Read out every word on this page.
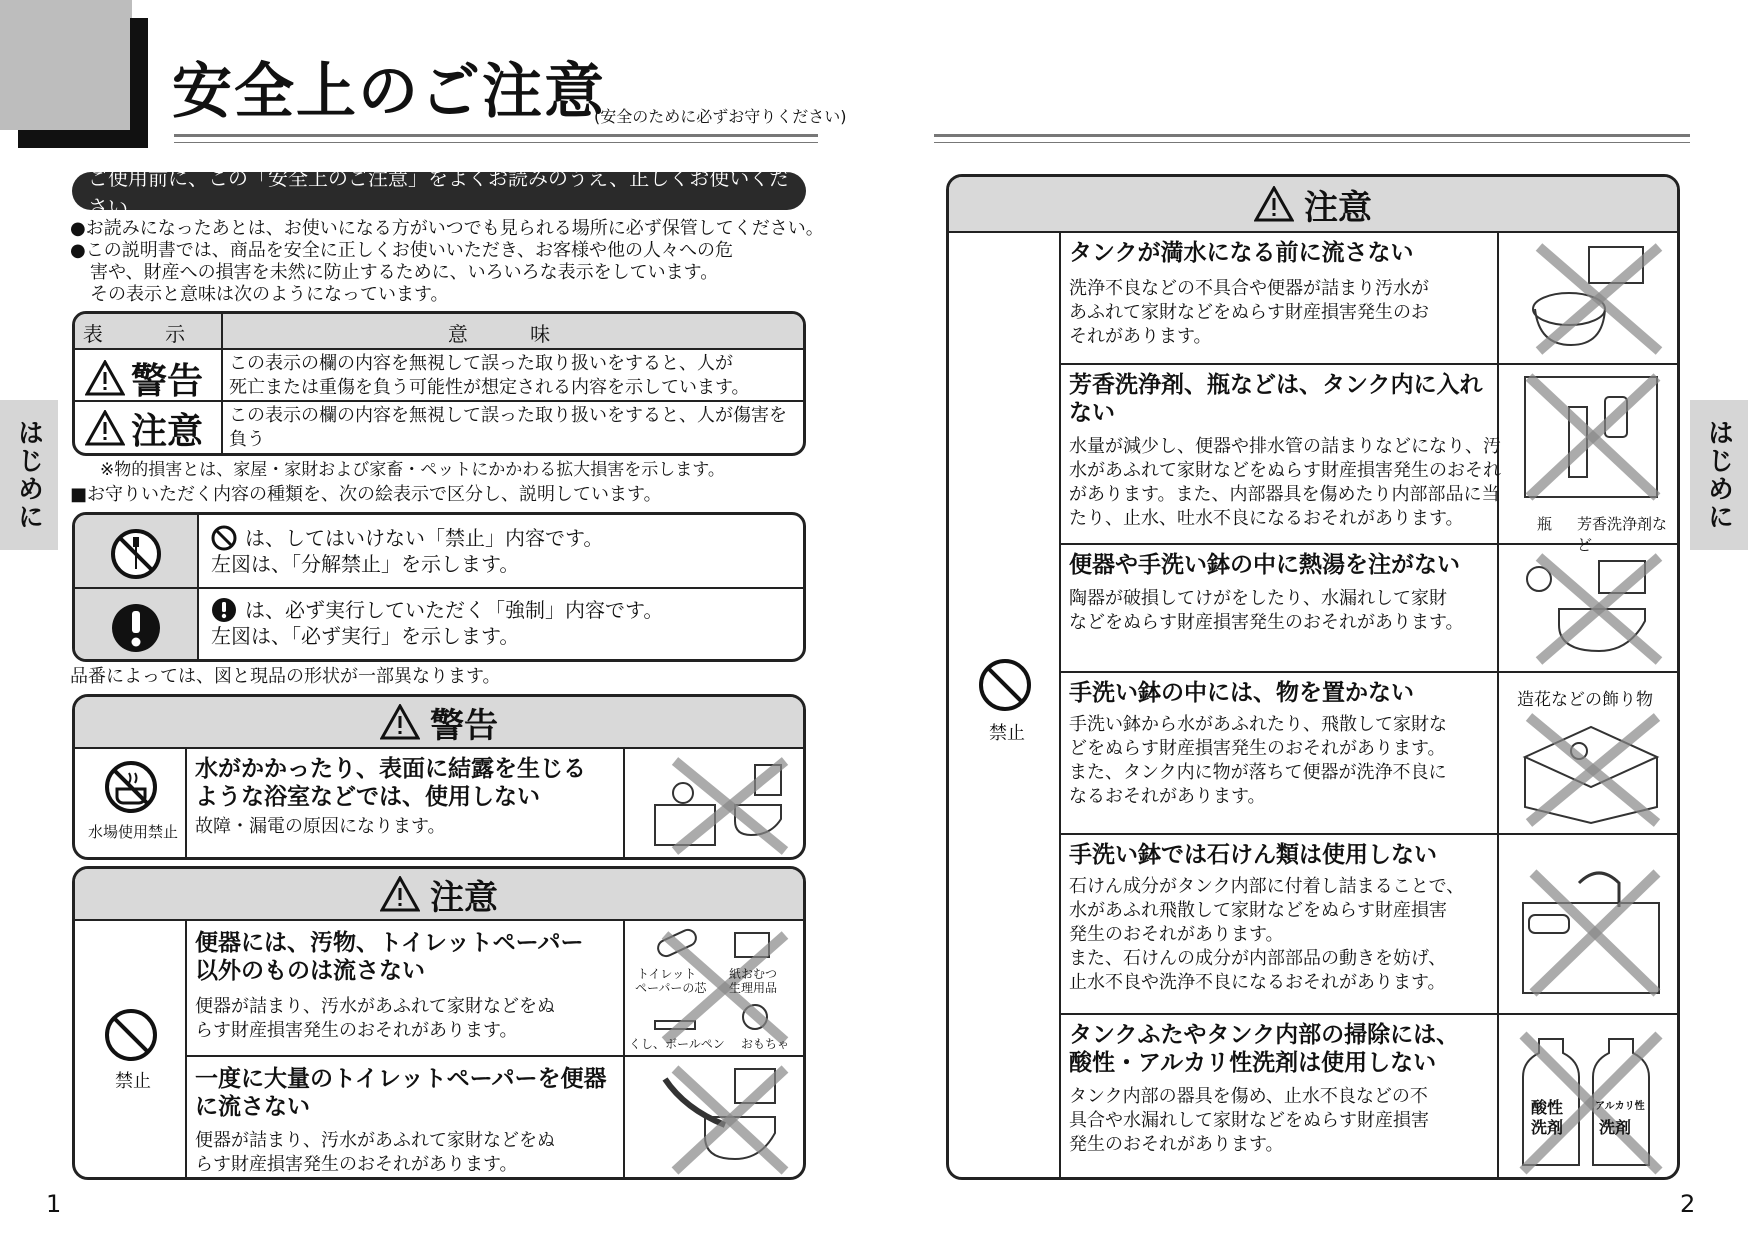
安全上のご注意
(安全のために必ずお守りください)
はじめに	はじめに
ご使用前に、この「安全上のご注意」をよくお読みのうえ、正しくお使いください。
●お読みになったあとは、お使いになる方がいつでも見られる場所に必ず保管してください。
●この説明書では、商品を安全に正しくお使いいただき、お客様や他の人々への危
害や、財産への損害を未然に防止するために、いろいろな表示をしています。
その表示と意味は次のようになっています。
表 示	意 味
警告 この表示の欄の内容を無視して誤った取り扱いをすると、人が
死亡または重傷を負う可能性が想定される内容を示しています。
注意 この表示の欄の内容を無視して誤った取り扱いをすると、人が傷害を負う
※物的損害とは、家屋・家財および家畜・ペットにかかわる拡大損害を示します。
■お守りいただく内容の種類を、次の絵表示で区分し、説明しています。
は、してはいけない「禁止」内容です。
左図は、「分解禁止」を示します。
は、必ず実行していただく「強制」内容です。
左図は、「必ず実行」を示します。
品番によっては、図と現品の形状が一部異なります。
警告
水場使用禁止
水がかかったり、表面に結露を生じる
ような浴室などでは、使用しない
故障・漏電の原因になります。
注意
禁止
便器には、汚物、トイレットペーパー
以外のものは流さない
便器が詰まり、汚水があふれて家財などをぬ
らす財産損害発生のおそれがあります。
トイレット
ペーパーの芯
紙おむつ
生理用品
くし、ボールペン おもちゃ
一度に大量のトイレットペーパーを便器
に流さない
便器が詰まり、汚水があふれて家財などをぬ
らす財産損害発生のおそれがあります。
注意
禁止
タンクが満水になる前に流さない
洗浄不良などの不具合や便器が詰まり汚水が
あふれて家財などをぬらす財産損害発生のお
それがあります。
芳香洗浄剤、瓶などは、タンク内に入れ
ない
水量が減少し、便器や排水管の詰まりなどになり、汚
水があふれて家財などをぬらす財産損害発生のおそれ
があります。また、内部器具を傷めたり内部部品に当
たり、止水、吐水不良になるおそれがあります。	瓶 芳香洗浄剤など
便器や手洗い鉢の中に熱湯を注がない
陶器が破損してけがをしたり、水漏れして家財
などをぬらす財産損害発生のおそれがあります。
手洗い鉢の中には、物を置かない
手洗い鉢から水があふれたり、飛散して家財な
どをぬらす財産損害発生のおそれがあります。
また、タンク内に物が落ちて便器が洗浄不良に
なるおそれがあります。
造花などの飾り物
手洗い鉢では石けん類は使用しない
石けん成分がタンク内部に付着し詰まることで、
水があふれ飛散して家財などをぬらす財産損害
発生のおそれがあります。
また、石けんの成分が内部部品の動きを妨げ、
止水不良や洗浄不良になるおそれがあります。
タンクふたやタンク内部の掃除には、
酸性・アルカリ性洗剤は使用しない
タンク内部の器具を傷め、止水不良などの不
具合や水漏れして家財などをぬらす財産損害
発生のおそれがあります。
酸性
洗剤
アルカリ性
洗剤
1	2
